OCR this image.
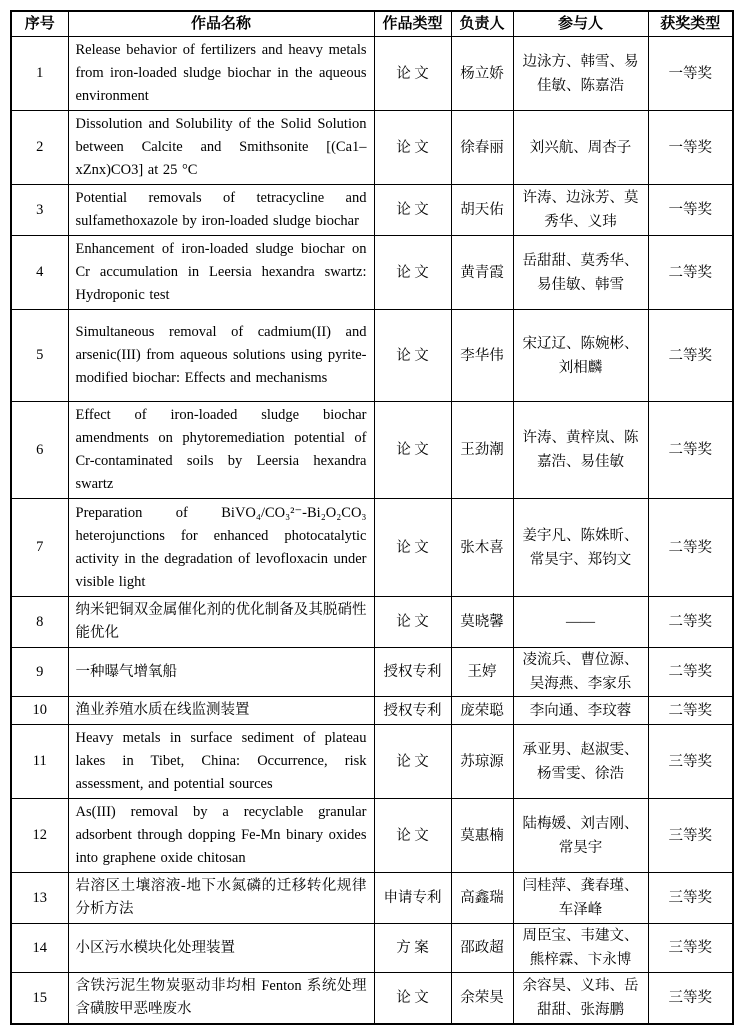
序号	作品名称	作品类型	负责人	参与人	获奖类型
1	Release behavior of fertilizers and heavy metals from iron-loaded sludge biochar in the aqueous environment	论 文	杨立娇	边泳方、韩雪、易佳敏、陈嘉浩	一等奖
2	Dissolution and Solubility of the Solid Solution between Calcite and Smithsonite [(Ca1–xZnx)CO3] at 25 °C	论 文	徐春丽	刘兴航、周杏子	一等奖
3	Potential removals of tetracycline and sulfamethoxazole by iron-loaded sludge biochar	论 文	胡天佑	许涛、边泳芳、莫秀华、义玮	一等奖
4	Enhancement of iron-loaded sludge biochar on Cr accumulation in Leersia hexandra swartz: Hydroponic test	论 文	黄青霞	岳甜甜、莫秀华、易佳敏、韩雪	二等奖
5	Simultaneous removal of cadmium(II) and arsenic(III) from aqueous solutions using pyrite-modified biochar: Effects and mechanisms	论 文	李华伟	宋辽辽、陈婉彬、刘相麟	二等奖
6	Effect of iron-loaded sludge biochar amendments on phytoremediation potential of Cr-contaminated soils by Leersia hexandra swartz	论 文	王劲潮	许涛、黄梓岚、陈嘉浩、易佳敏	二等奖
7	Preparation of BiVO₄/CO₃²⁻-Bi₂O₂CO₃ heterojunctions for enhanced photocatalytic activity in the degradation of levofloxacin under visible light	论 文	张木喜	姜宇凡、陈姝昕、常昊宇、郑钧文	二等奖
8	纳米钯铜双金属催化剂的优化制备及其脱硝性能优化	论 文	莫晓馨	——	二等奖
9	一种曝气增氧船	授权专利	王婷	凌流兵、曹位源、吴海燕、李家乐	二等奖
10	渔业养殖水质在线监测装置	授权专利	庞荣聪	李向通、李玟蓉	二等奖
11	Heavy metals in surface sediment of plateau lakes in Tibet, China: Occurrence, risk assessment, and potential sources	论 文	苏琼源	承亚男、赵淑雯、杨雪雯、徐浩	三等奖
12	As(III) removal by a recyclable granular adsorbent through dopping Fe-Mn binary oxides into graphene oxide chitosan	论 文	莫惠楠	陆梅媛、刘吉刚、常昊宇	三等奖
13	岩溶区土壤溶液-地下水氮磷的迁移转化规律分析方法	申请专利	高鑫瑞	闫桂萍、龚春瑾、车泽峰	三等奖
14	小区污水模块化处理装置	方 案	邵政超	周臣宝、韦建文、熊梓霖、卞永博	三等奖
15	含铁污泥生物炭驱动非均相 Fenton 系统处理含磺胺甲恶唑废水	论 文	余荣昊	余容昊、义玮、岳甜甜、张海鹏	三等奖
